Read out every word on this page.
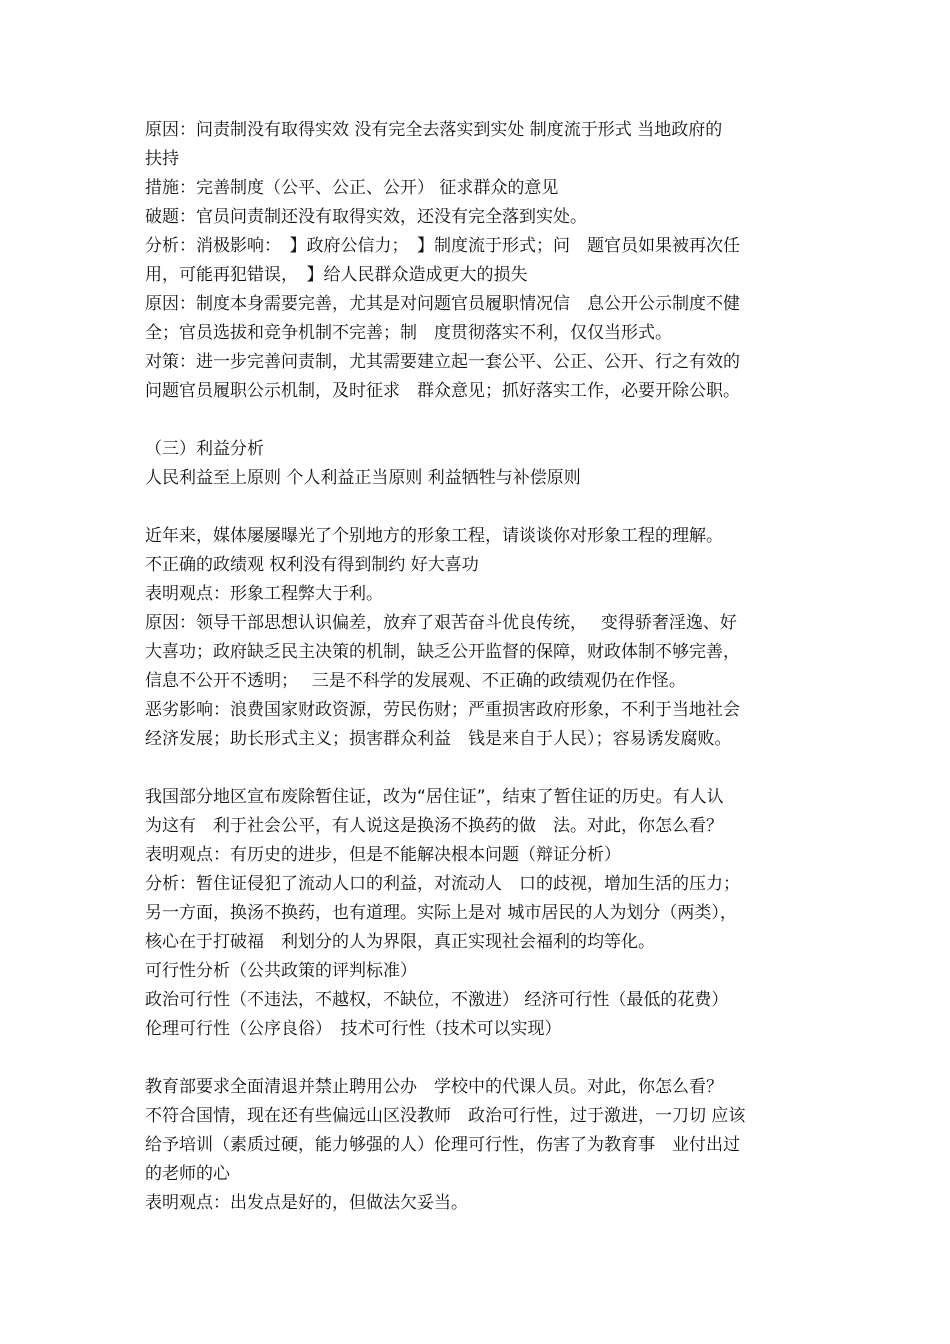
原因：问责制没有取得实效 没有完全去落实到实处 制度流于形式 当地政府的
扶持
措施：完善制度（公平、公正、公开） 征求群众的意见
破题：官员问责制还没有取得实效，还没有完全落到实处。
分析：消极影响：　】政府公信力；　】制度流于形式；问　题官员如果被再次任
用，可能再犯错误，　】给人民群众造成更大的损失
原因：制度本身需要完善，尤其是对问题官员履职情况信　息公开公示制度不健
全；官员选拔和竞争机制不完善；制　度贯彻落实不利，仅仅当形式。
对策：进一步完善问责制，尤其需要建立起一套公平、公正、公开、行之有效的
问题官员履职公示机制，及时征求　群众意见；抓好落实工作，必要开除公职。
（三）利益分析
人民利益至上原则 个人利益正当原则 利益牺牲与补偿原则
近年来，媒体屡屡曝光了个别地方的形象工程，请谈谈你对形象工程的理解。
不正确的政绩观 权利没有得到制约 好大喜功
表明观点：形象工程弊大于利。
原因：领导干部思想认识偏差，放弃了艰苦奋斗优良传统，　 变得骄奢淫逸、好
大喜功；政府缺乏民主决策的机制，缺乏公开监督的保障，财政体制不够完善，
信息不公开不透明；　 三是不科学的发展观、不正确的政绩观仍在作怪。
恶劣影响：浪费国家财政资源，劳民伤财；严重损害政府形象，不利于当地社会
经济发展；助长形式主义；损害群众利益　钱是来自于人民）；容易诱发腐败。
我国部分地区宣布废除暂住证，改为“居住证”，结束了暂住证的历史。有人认
为这有　利于社会公平，有人说这是换汤不换药的做　法。对此，你怎么看？
表明观点：有历史的进步，但是不能解决根本问题（辩证分析）
分析：暂住证侵犯了流动人口的利益，对流动人　口的歧视，增加生活的压力；
另一方面，换汤不换药，也有道理。实际上是对 城市居民的人为划分（两类），
核心在于打破福　利划分的人为界限，真正实现社会福利的均等化。
可行性分析（公共政策的评判标准）
政治可行性（不违法，不越权，不缺位，不激进） 经济可行性（最低的花费）
伦理可行性（公序良俗）　技术可行性（技术可以实现）
教育部要求全面清退并禁止聘用公办　学校中的代课人员。对此，你怎么看？
不符合国情，现在还有些偏远山区没教师　政治可行性，过于激进，一刀切 应该
给予培训（素质过硬，能力够强的人）伦理可行性，伤害了为教育事　业付出过
的老师的心
表明观点：出发点是好的，但做法欠妥当。
